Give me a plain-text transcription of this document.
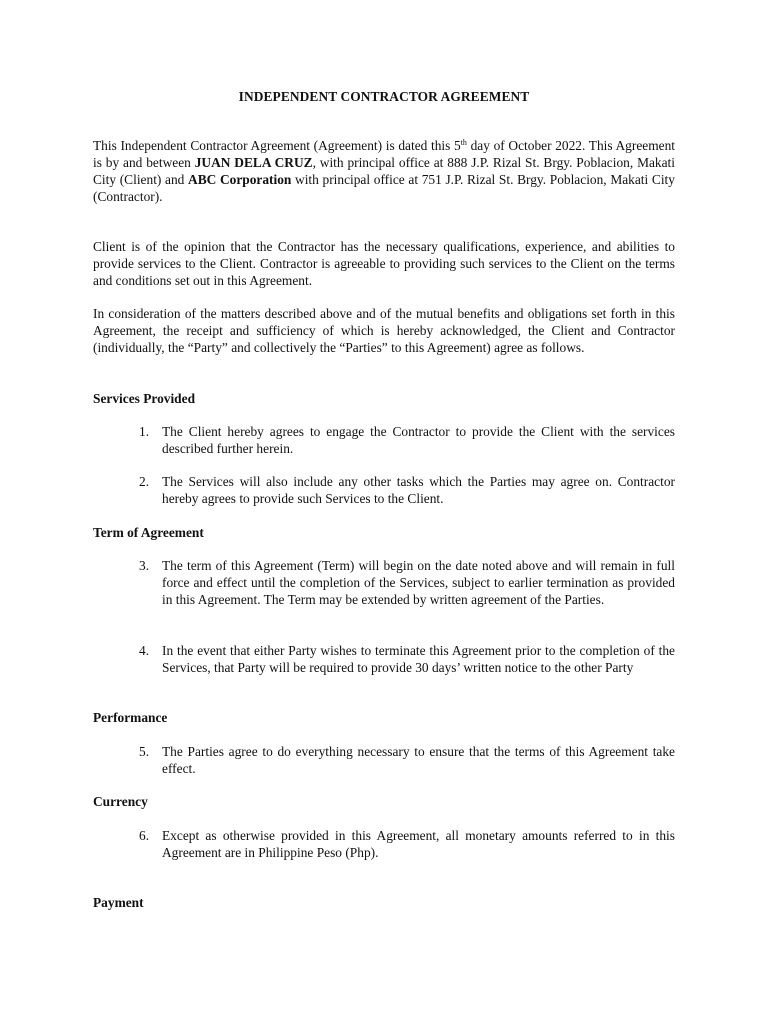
INDEPENDENT CONTRACTOR AGREEMENT
This Independent Contractor Agreement (Agreement) is dated this 5th day of October 2022. This Agreement is by and between JUAN DELA CRUZ, with principal office at 888 J.P. Rizal St. Brgy. Poblacion, Makati City (Client) and ABC Corporation with principal office at 751 J.P. Rizal St. Brgy. Poblacion, Makati City (Contractor).
Client is of the opinion that the Contractor has the necessary qualifications, experience, and abilities to provide services to the Client. Contractor is agreeable to providing such services to the Client on the terms and conditions set out in this Agreement.
In consideration of the matters described above and of the mutual benefits and obligations set forth in this Agreement, the receipt and sufficiency of which is hereby acknowledged, the Client and Contractor (individually, the “Party” and collectively the “Parties” to this Agreement) agree as follows.
Services Provided
1. The Client hereby agrees to engage the Contractor to provide the Client with the services described further herein.
2. The Services will also include any other tasks which the Parties may agree on. Contractor hereby agrees to provide such Services to the Client.
Term of Agreement
3. The term of this Agreement (Term) will begin on the date noted above and will remain in full force and effect until the completion of the Services, subject to earlier termination as provided in this Agreement. The Term may be extended by written agreement of the Parties.
4. In the event that either Party wishes to terminate this Agreement prior to the completion of the Services, that Party will be required to provide 30 days’ written notice to the other Party
Performance
5. The Parties agree to do everything necessary to ensure that the terms of this Agreement take effect.
Currency
6. Except as otherwise provided in this Agreement, all monetary amounts referred to in this Agreement are in Philippine Peso (Php).
Payment
